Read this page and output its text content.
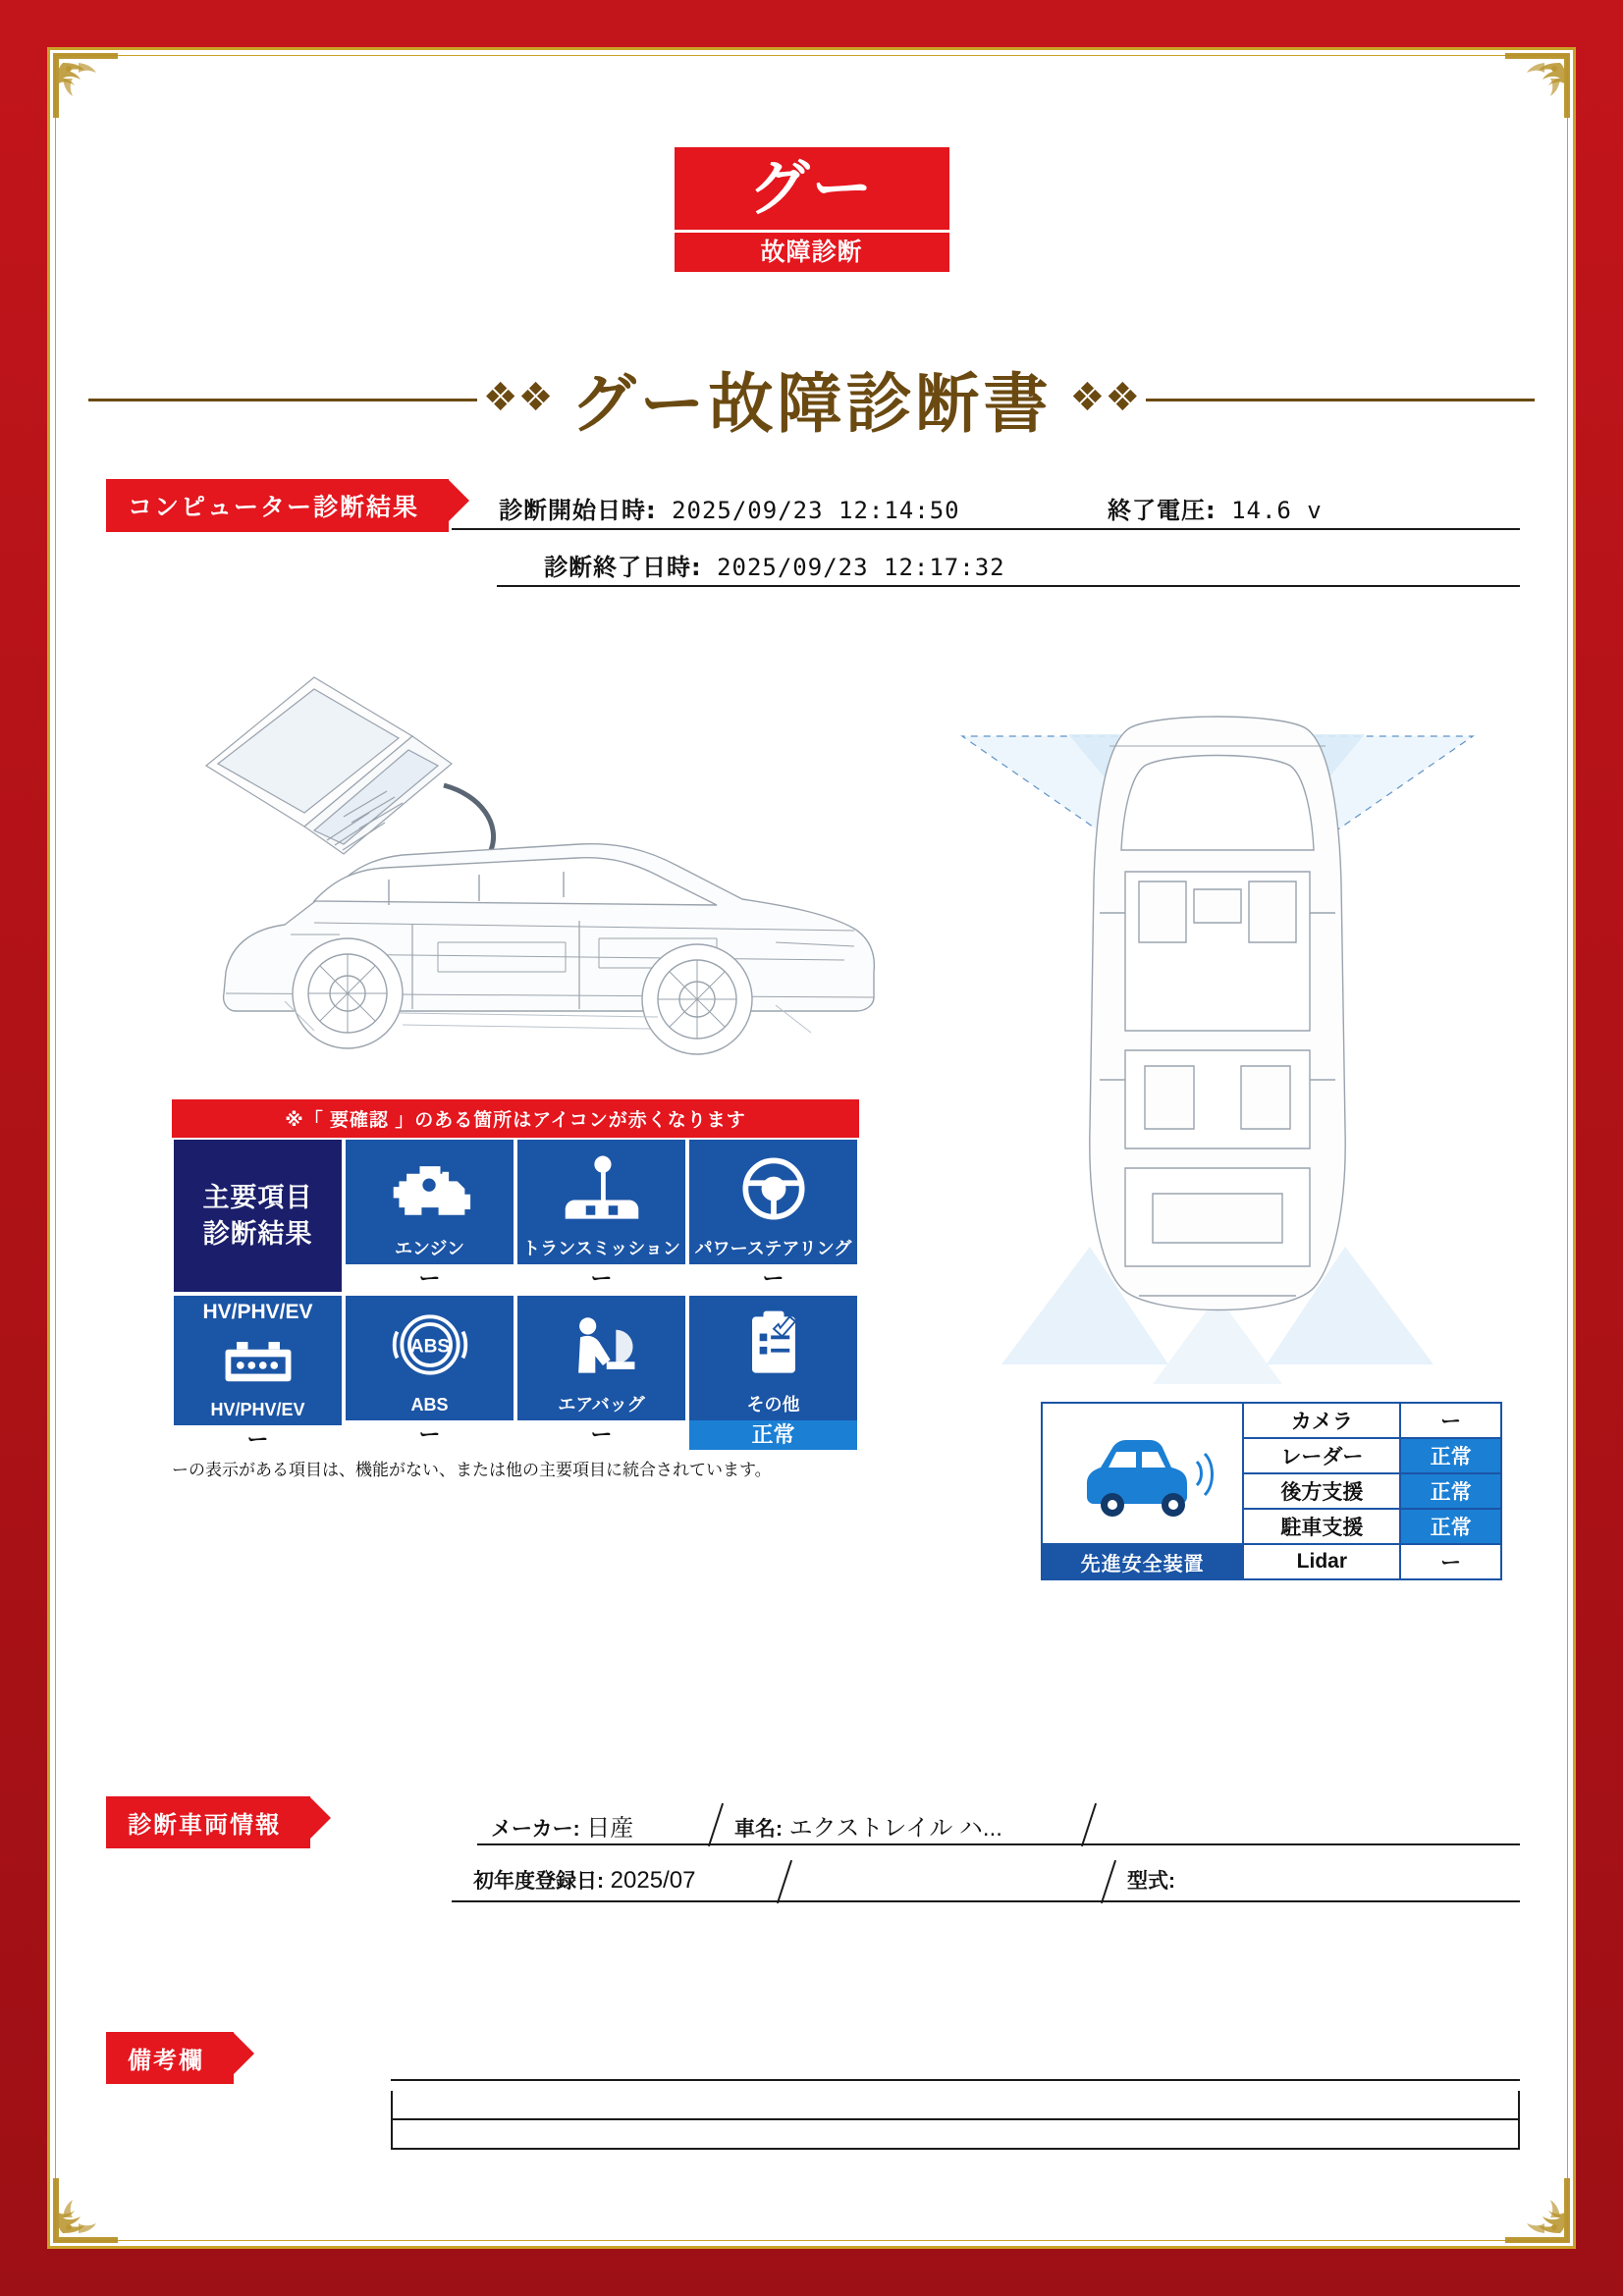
グー
故障診断
❖❖ グー故障診断書 ❖❖
コンピューター診断結果	診断開始日時: 2025/09/23 12:14:50
診断終了日時: 2025/09/23 12:17:32
終了電圧: 14.6 v
※「 要確認 」のある箇所はアイコンが赤くなります
主要項目
診断結果
エンジン
ー
トランスミッション
ー
パワーステアリング
ー
HV/PHV/EV
HV/PHV/EV
ー
ABS
ABS
ー
エアバッグ
ー
その他
正常
ーの表示がある項目は、機能がない、または他の主要項目に統合されています。
	カメラ	ー
	レーダー	正常
	後方支援	正常
	駐車支援	正常
先進安全装置	Lidar	ー
診断車両情報	メーカー: 日産	車名: エクストレイル ハ...
初年度登録日: 2025/07	型式:
備考欄
